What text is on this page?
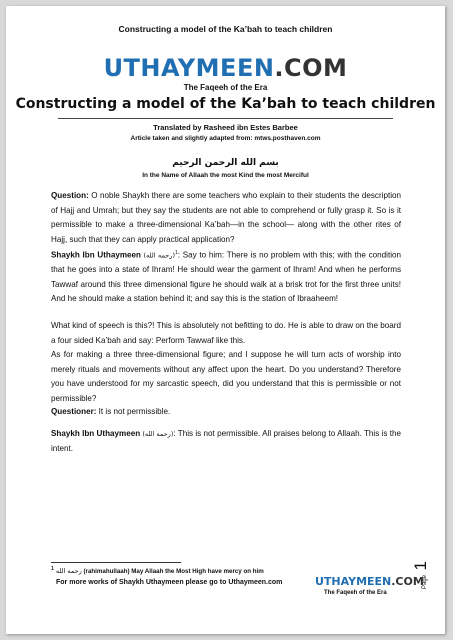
Constructing a model of the Ka’bah to teach children
UTHAYMEEN.COM
The Faqeeh of the Era
Constructing a model of the Ka’bah to teach children
Translated by Rasheed ibn Estes Barbee
Article taken and slightly adapted from: mtws.posthaven.com
بسم الله الرحمن الرحيم
In the Name of Allaah the most Kind the most Merciful
Question: O noble Shaykh there are some teachers who explain to their students the description of Hajj and Umrah; but they say the students are not able to comprehend or fully grasp it. So is it permissible to make a three-dimensional Ka’bah—in the school— along with the other rites of Hajj, such that they can apply practical application?
Shaykh Ibn Uthaymeen (رحمه الله)$^1$: Say to him: There is no problem with this; with the condition that he goes into a state of Ihram! He should wear the garment of Ihram! And when he performs Tawwaf around this three dimensional figure he should walk at a brisk trot for the first three units! And he should make a station behind it; and say this is the station of Ibraaheem!
What kind of speech is this?! This is absolutely not befitting to do. He is able to draw on the board a four sided Ka’bah and say: Perform Tawwaf like this.
As for making a three three-dimensional figure; and I suppose he will turn acts of worship into merely rituals and movements without any affect upon the heart. Do you understand? Therefore you have understood for my sarcastic speech, did you understand that this is permissible or not permissible?
Questioner: It is not permissible.
Shaykh Ibn Uthaymeen (رحمه الله): This is not permissible. All praises belong to Allaah. This is the intent.
$^1$ رحمه الله (rahimahullaah) May Allaah the Most High have mercy on him
For more works of Shaykh Uthaymeen please go to Uthaymeen.com	UTHAYMEEN.COM
The Faqeeh of the Era
Page 1
